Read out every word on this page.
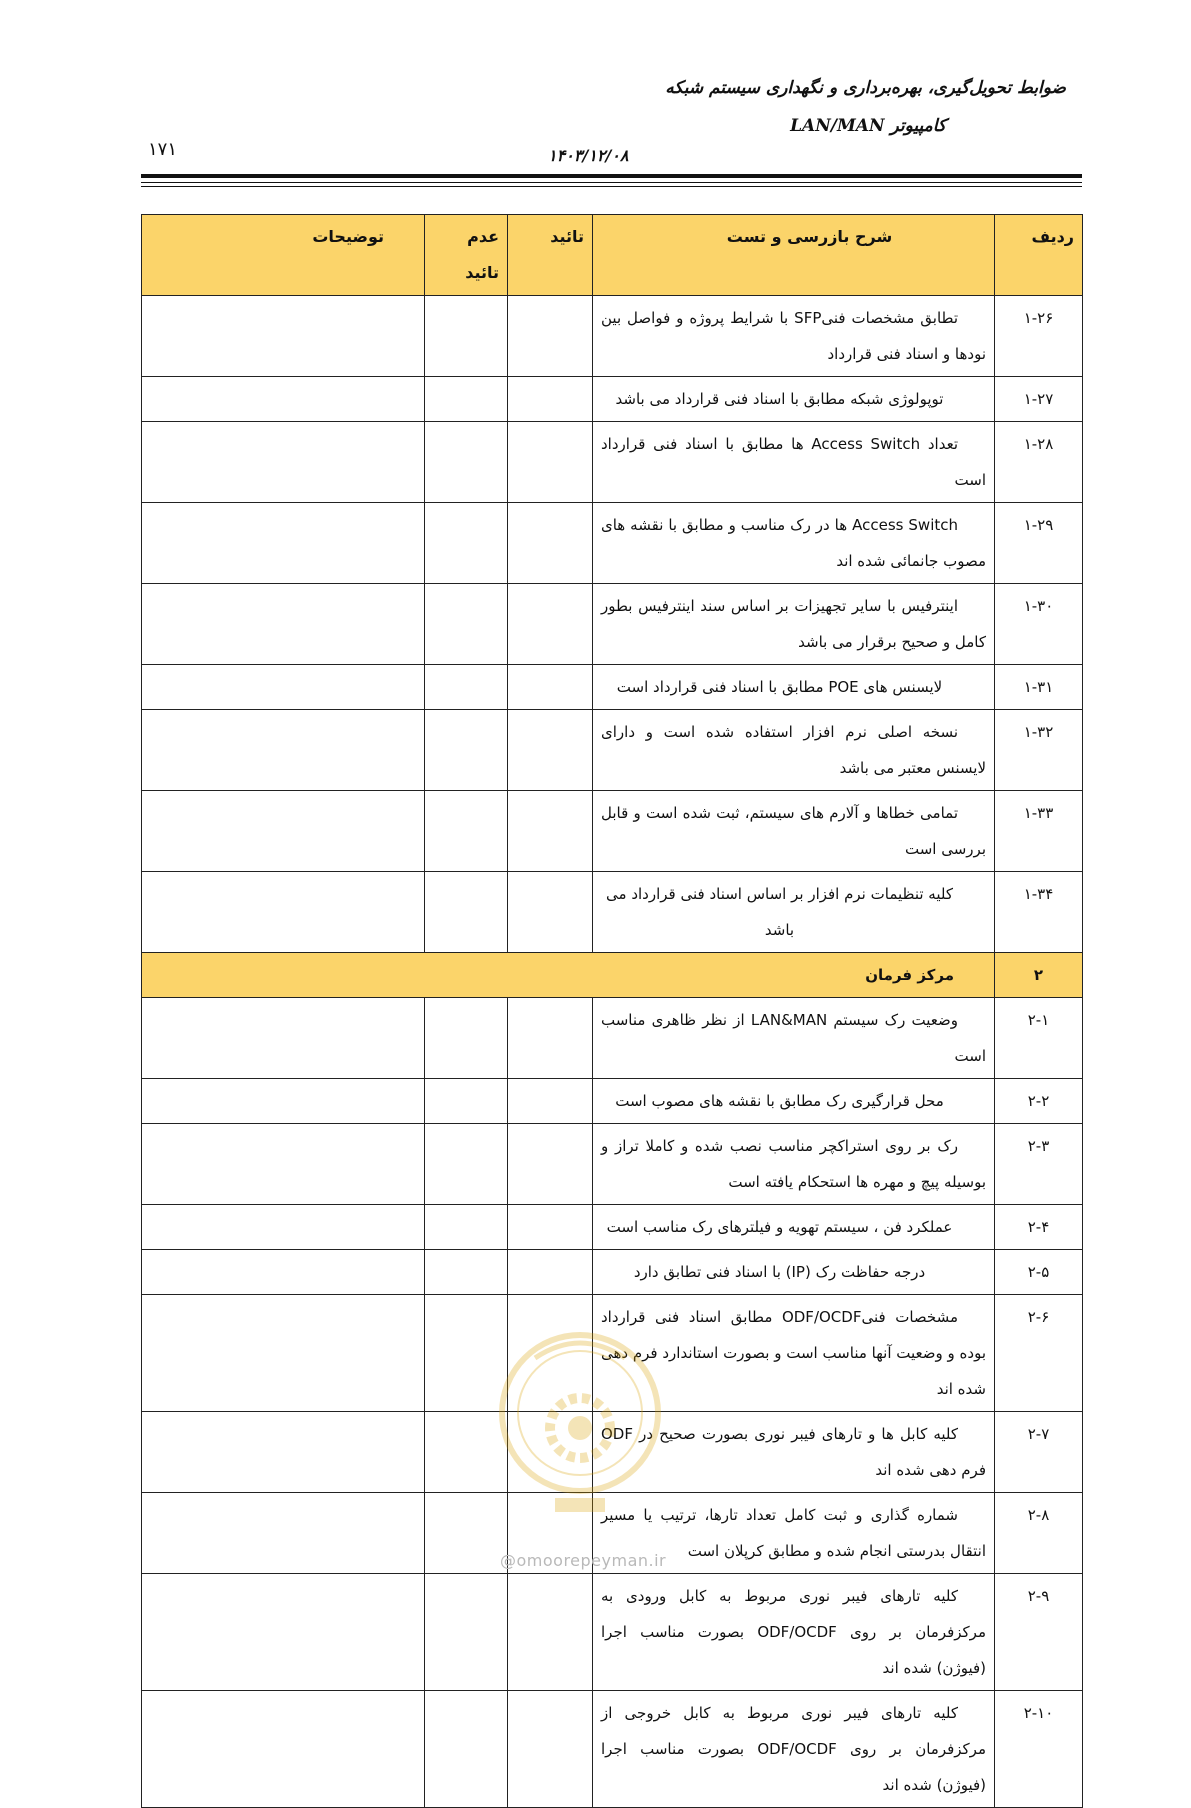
ضوابط تحویل‌گیری، بهره‌برداری و نگهداری سیستم شبکه
کامپیوتر LAN/MAN
۱۷۱	۱۴۰۳/۱۲/۰۸
ردیف	شرح بازرسی و تست	تائید	عدم تائید	توضیحات
۱-۲۶	تطابق مشخصات فنیSFP با شرایط پروژه و فواصل بین نودها و اسناد فنی قرارداد			

۱-۲۷	توپولوژی شبکه مطابق با اسناد فنی قرارداد می باشد			

۱-۲۸	تعداد Access Switch ها مطابق با اسناد فنی قرارداد است			

۱-۲۹	Access Switch ها در رک مناسب و مطابق با نقشه های مصوب جانمائی شده اند			

۱-۳۰	اینترفیس با سایر تجهیزات بر اساس سند اینترفیس بطور کامل و صحیح برقرار می باشد			

۱-۳۱	لایسنس های POE مطابق با اسناد فنی قرارداد است			

۱-۳۲	نسخه اصلی نرم افزار استفاده شده است و دارای لایسنس معتبر می باشد			

۱-۳۳	تمامی خطاها و آلارم های سیستم، ثبت شده است و قابل بررسی است			

۱-۳۴	کلیه تنظیمات نرم افزار بر اساس اسناد فنی قرارداد می باشد			

۲	مرکز فرمان			
۲-۱	وضعیت رک سیستم LAN&MAN از نظر ظاهری مناسب است			

۲-۲	محل قرارگیری رک مطابق با نقشه های مصوب است			

۲-۳	رک بر روی استراکچر مناسب نصب شده و کاملا تراز و بوسیله پیچ و مهره ها استحکام یافته است			

۲-۴	عملکرد فن ، سیستم تهویه و فیلترهای رک مناسب است			

۲-۵	درجه حفاظت رک (IP) با اسناد فنی تطابق دارد			

۲-۶	مشخصات فنیODF/OCDF مطابق اسناد فنی قرارداد بوده و وضعیت آنها مناسب است و بصورت استاندارد فرم دهی شده اند			

۲-۷	کلیه کابل ها و تارهای فیبر نوری بصورت صحیح در ODF فرم دهی شده اند			

۲-۸	شماره گذاری و ثبت کامل تعداد تارها، ترتیب یا مسیر انتقال بدرستی انجام شده و مطابق کرپلان است			

۲-۹	کلیه تارهای فیبر نوری مربوط به کابل ورودی به مرکزفرمان بر روی ODF/OCDF بصورت مناسب اجرا (فیوژن) شده اند			

۲-۱۰	کلیه تارهای فیبر نوری مربوط به کابل خروجی از مرکزفرمان بر روی ODF/OCDF بصورت مناسب اجرا (فیوژن) شده اند			

@omoorepeyman.ir
